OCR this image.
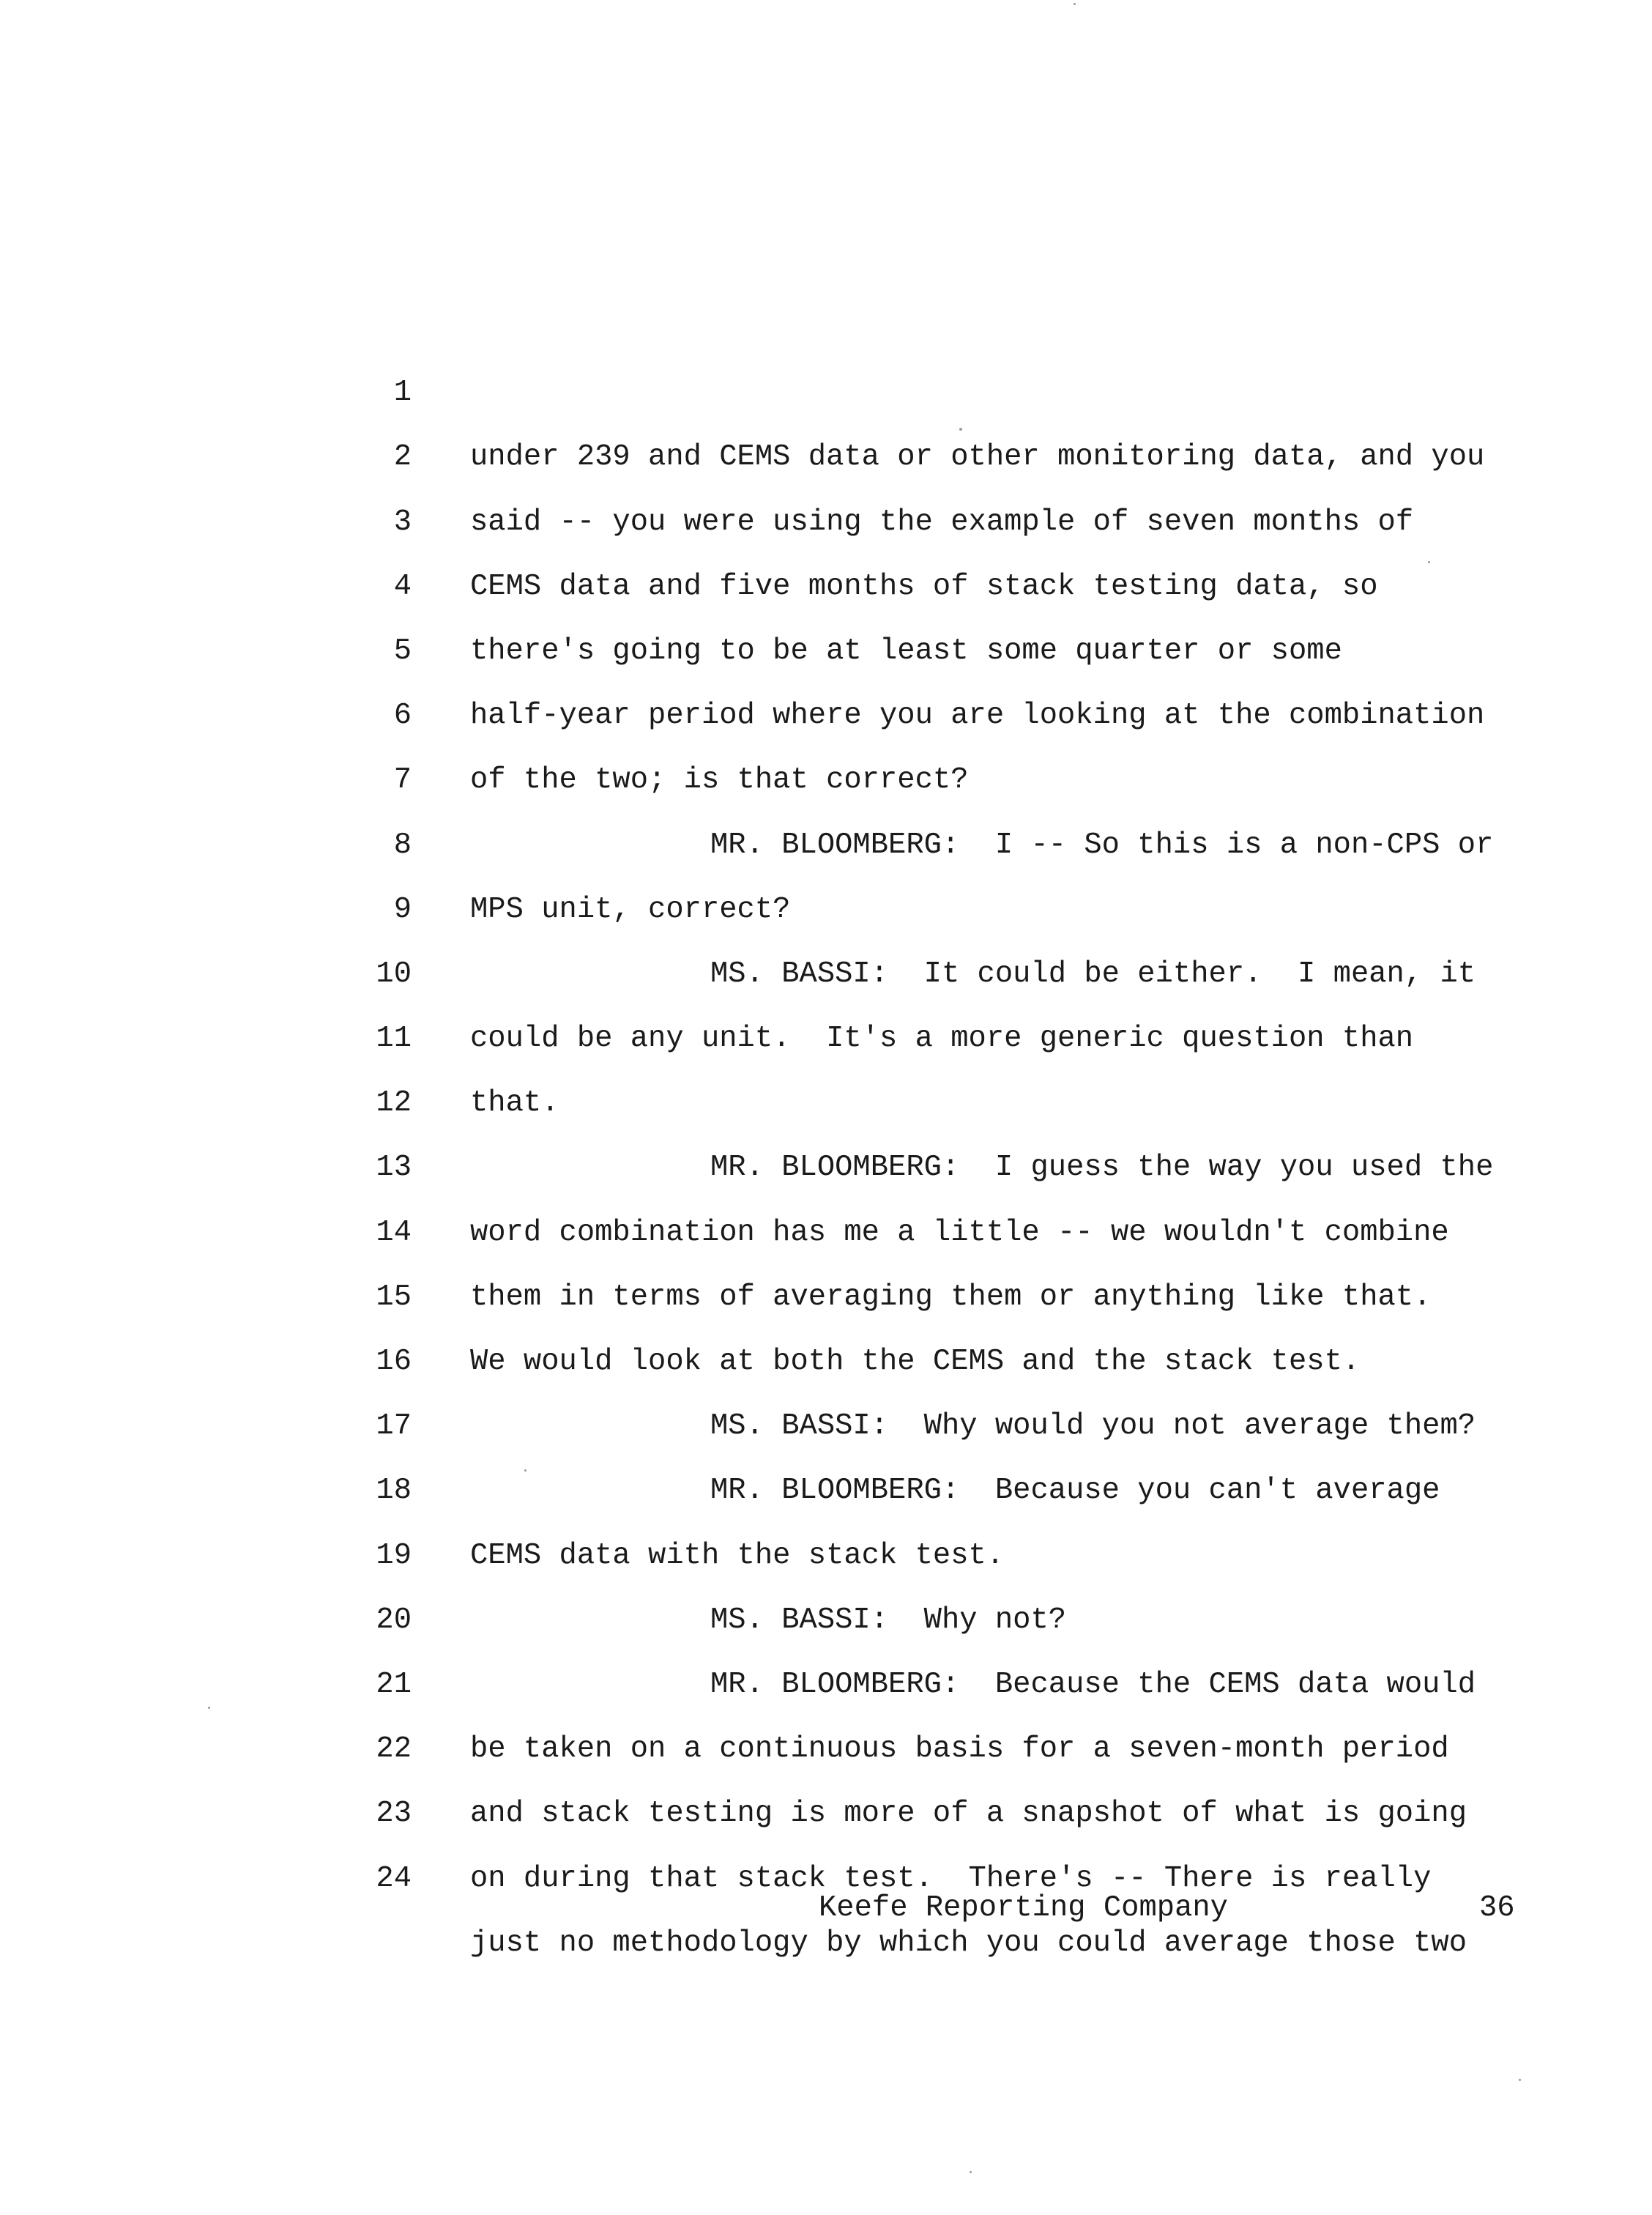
1

under 239 and CEMS data or other monitoring data, and you

2

said -- you were using the example of seven months of

3

CEMS data and five months of stack testing data, so

4

there's going to be at least some quarter or some

5

half-year period where you are looking at the combination

6

of the two; is that correct?

7

MR. BLOOMBERG:  I -- So this is a non-CPS or

8

MPS unit, correct?

9

MS. BASSI:  It could be either.  I mean, it

10

could be any unit.  It's a more generic question than

11

that.

12

MR. BLOOMBERG:  I guess the way you used the

13

word combination has me a little -- we wouldn't combine

14

them in terms of averaging them or anything like that.

15

We would look at both the CEMS and the stack test.

16

MS. BASSI:  Why would you not average them?

17

MR. BLOOMBERG:  Because you can't average

18

CEMS data with the stack test.

19

MS. BASSI:  Why not?

20

MR. BLOOMBERG:  Because the CEMS data would

21

be taken on a continuous basis for a seven-month period

22

and stack testing is more of a snapshot of what is going

23

on during that stack test.  There's -- There is really

24

just no methodology by which you could average those two

Keefe Reporting Company	36
